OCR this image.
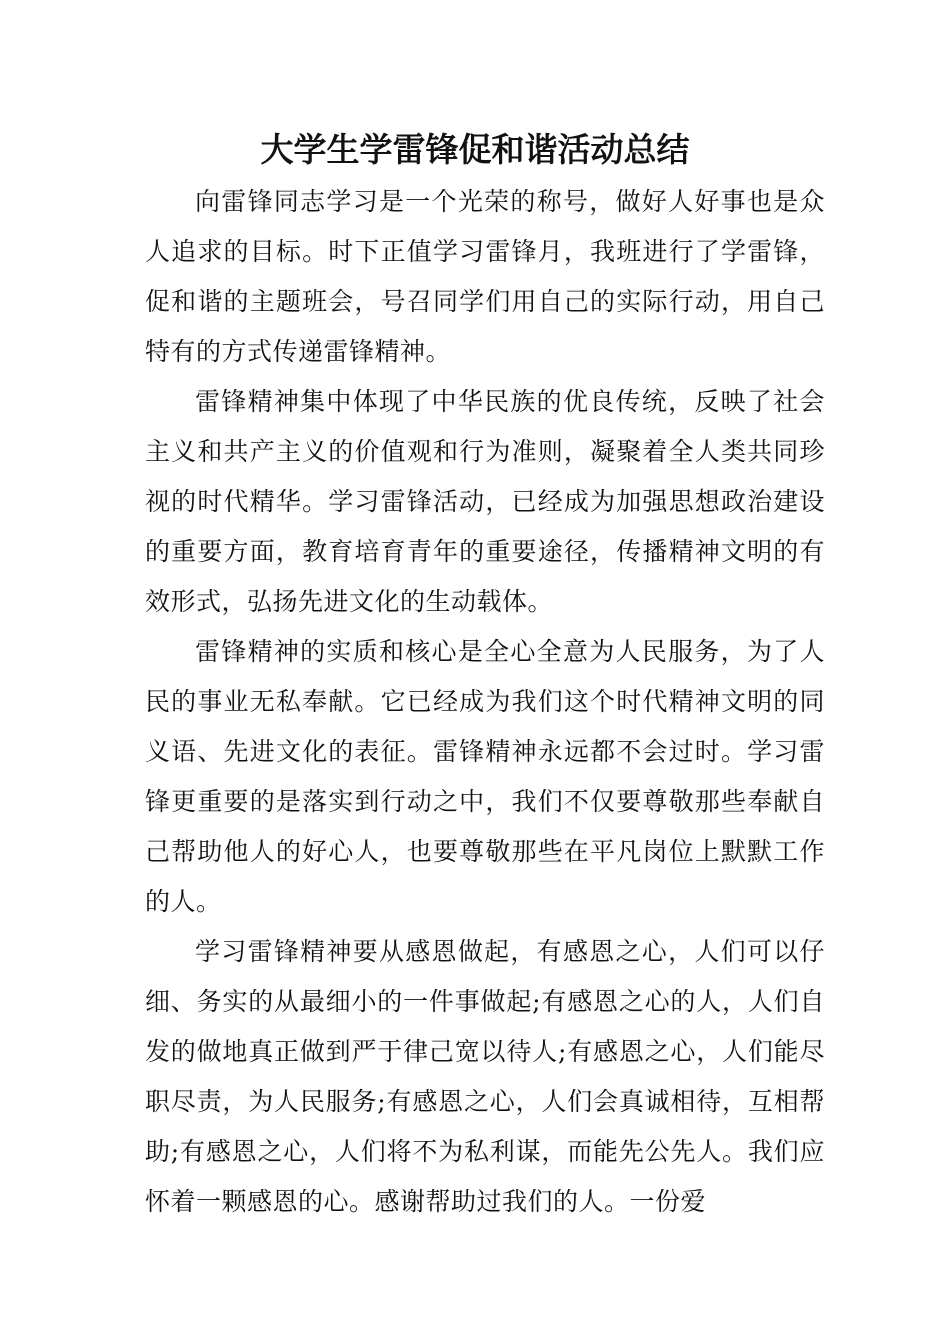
大学生学雷锋促和谐活动总结

向雷锋同志学习是一个光荣的称号，做好人好事也是众人追求的目标。时下正值学习雷锋月，我班进行了学雷锋，促和谐的主题班会，号召同学们用自己的实际行动，用自己特有的方式传递雷锋精神。

雷锋精神集中体现了中华民族的优良传统，反映了社会主义和共产主义的价值观和行为准则，凝聚着全人类共同珍视的时代精华。学习雷锋活动，已经成为加强思想政治建设的重要方面，教育培育青年的重要途径，传播精神文明的有效形式，弘扬先进文化的生动载体。

雷锋精神的实质和核心是全心全意为人民服务，为了人民的事业无私奉献。它已经成为我们这个时代精神文明的同义语、先进文化的表征。雷锋精神永远都不会过时。学习雷锋更重要的是落实到行动之中，我们不仅要尊敬那些奉献自己帮助他人的好心人，也要尊敬那些在平凡岗位上默默工作的人。

学习雷锋精神要从感恩做起，有感恩之心，人们可以仔细、务实的从最细小的一件事做起;有感恩之心的人，人们自发的做地真正做到严于律己宽以待人;有感恩之心，人们能尽职尽责，为人民服务;有感恩之心，人们会真诚相待，互相帮助;有感恩之心，人们将不为私利谋，而能先公先人。我们应怀着一颗感恩的心。感谢帮助过我们的人。一份爱
